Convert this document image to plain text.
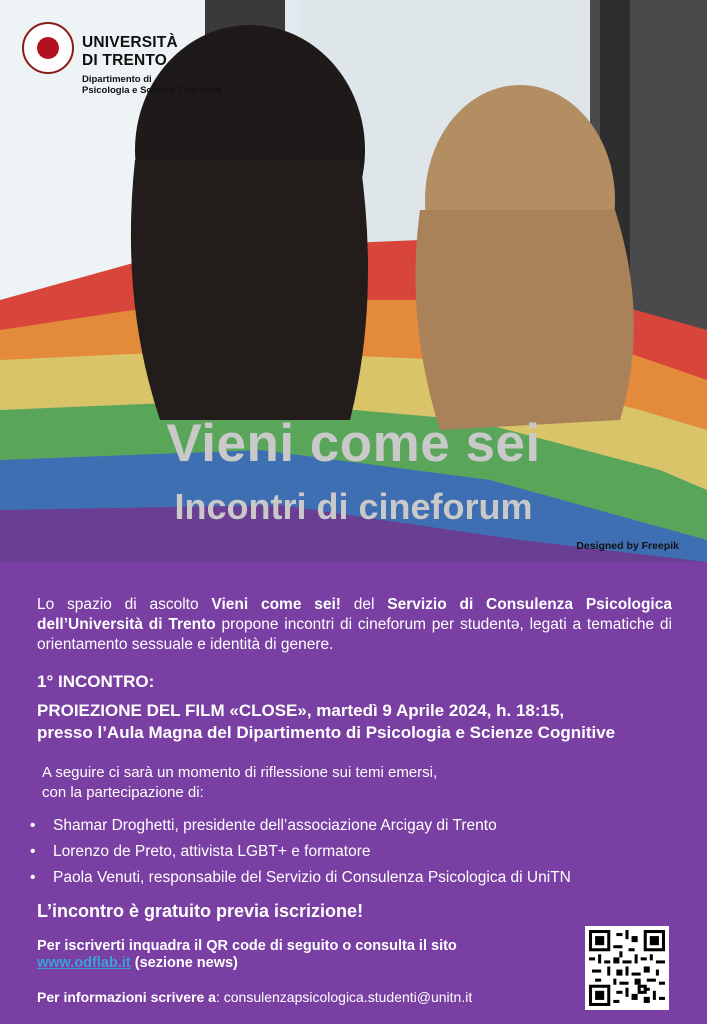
UNIVERSITÀ
DI TRENTO
Dipartimento di
Psicologia e Scienze Cognitive
Vieni come sei
Incontri di cineforum
Designed by Freepik
Lo spazio di ascolto Vieni come sei! del Servizio di Consulenza Psicologica dell’Università di Trento propone incontri di cineforum per studentə, legati a tematiche di orientamento sessuale e identità di genere.
1° INCONTRO:
PROIEZIONE DEL FILM «CLOSE», martedì 9 Aprile 2024, h. 18:15,
presso l’Aula Magna del Dipartimento di Psicologia e Scienze Cognitive
A seguire ci sarà un momento di riflessione sui temi emersi,
con la partecipazione di:
• Shamar Droghetti, presidente dell’associazione Arcigay di Trento
• Lorenzo de Preto, attivista LGBT+ e formatore
• Paola Venuti, responsabile del Servizio di Consulenza Psicologica di UniTN
L’incontro è gratuito previa iscrizione!
Per iscriverti inquadra il QR code di seguito o consulta il sito
www.odflab.it (sezione news)
Per informazioni scrivere a: consulenzapsicologica.studenti@unitn.it
